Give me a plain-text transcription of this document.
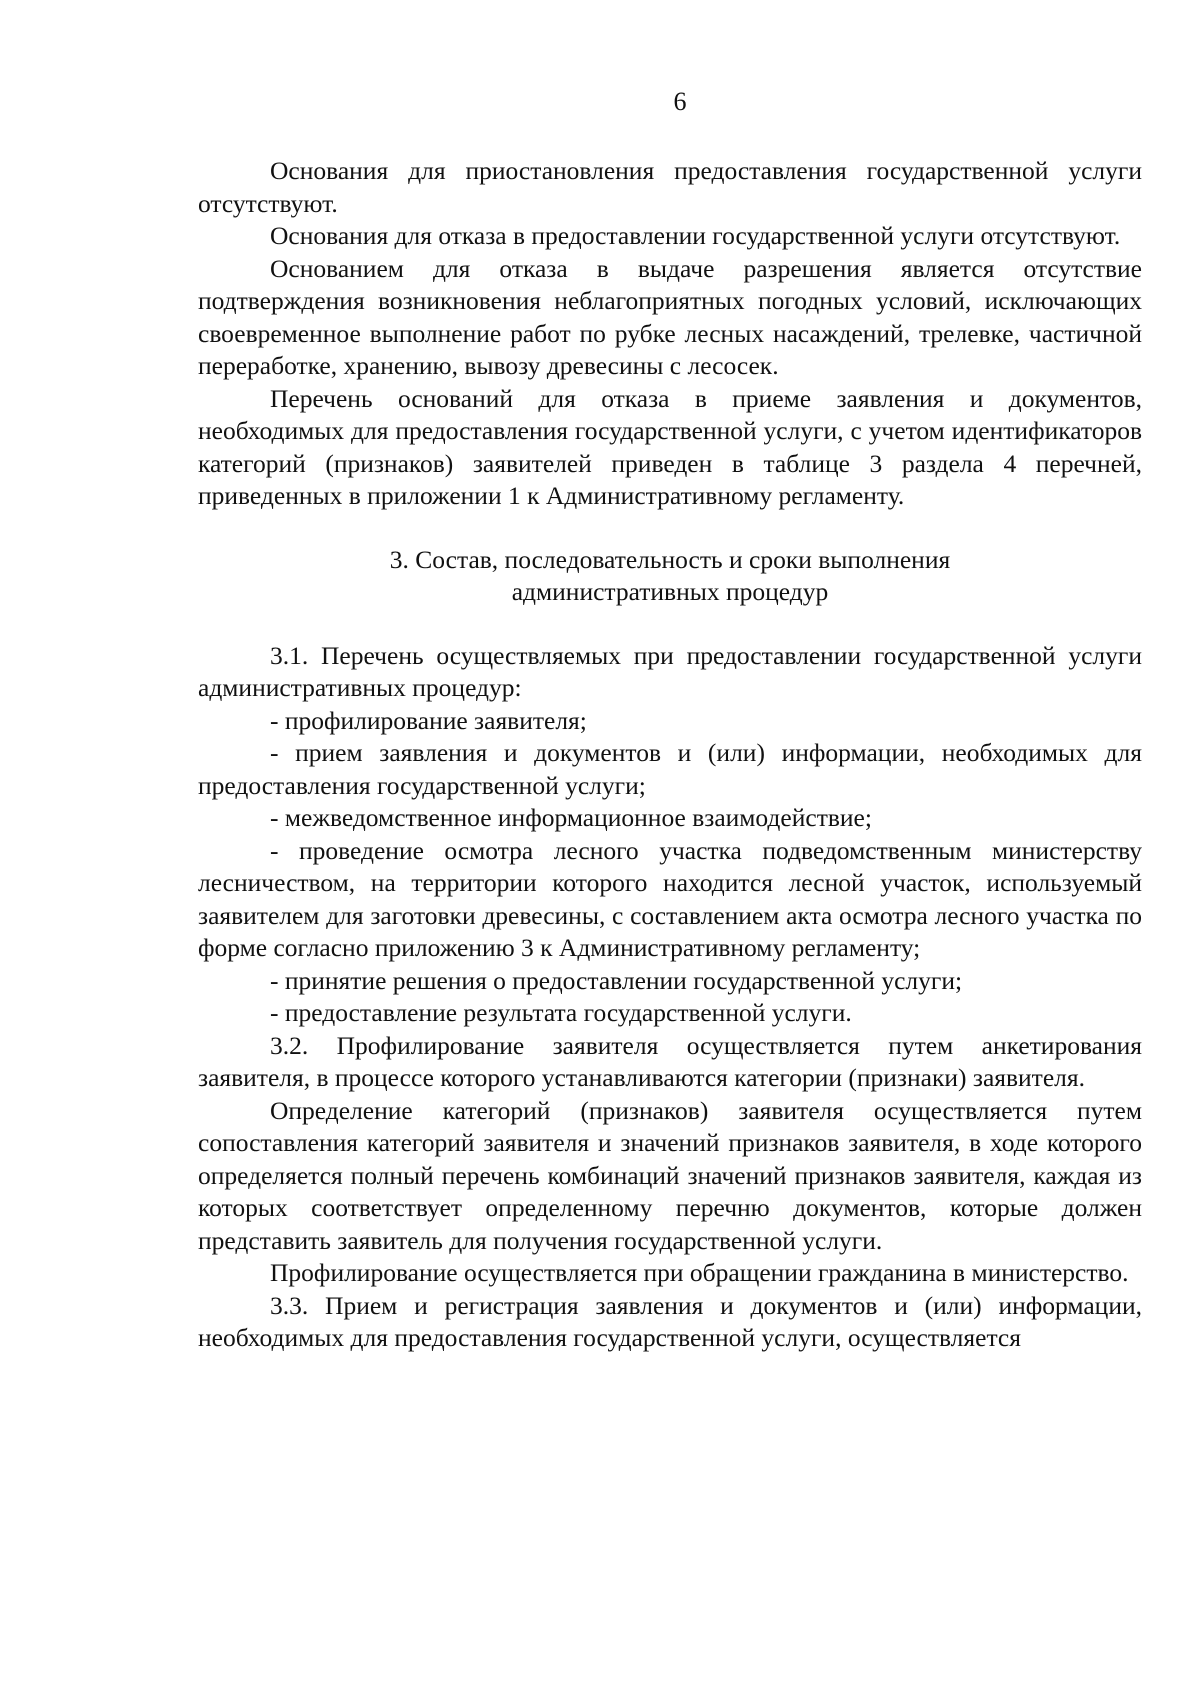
6

Основания для приостановления предоставления государственной услуги отсутствуют.

Основания для отказа в предоставлении государственной услуги отсутствуют.

Основанием для отказа в выдаче разрешения является отсутствие подтверждения возникновения неблагоприятных погодных условий, исключающих своевременное выполнение работ по рубке лесных насаждений, трелевке, частичной переработке, хранению, вывозу древесины с лесосек.

Перечень оснований для отказа в приеме заявления и документов, необходимых для предоставления государственной услуги, с учетом идентификаторов категорий (признаков) заявителей приведен в таблице 3 раздела 4 перечней, приведенных в приложении 1 к Административному регламенту.

3. Состав, последовательность и сроки выполнения
административных процедур

3.1. Перечень осуществляемых при предоставлении государственной услуги административных процедур:

- профилирование заявителя;

- прием заявления и документов и (или) информации, необходимых для предоставления государственной услуги;

- межведомственное информационное взаимодействие;

- проведение осмотра лесного участка подведомственным министерству лесничеством, на территории которого находится лесной участок, используемый заявителем для заготовки древесины, с составлением акта осмотра лесного участка по форме согласно приложению 3 к Административному регламенту;

- принятие решения о предоставлении государственной услуги;

- предоставление результата государственной услуги.

3.2. Профилирование заявителя осуществляется путем анкетирования заявителя, в процессе которого устанавливаются категории (признаки) заявителя.

Определение категорий (признаков) заявителя осуществляется путем сопоставления категорий заявителя и значений признаков заявителя, в ходе которого определяется полный перечень комбинаций значений признаков заявителя, каждая из которых соответствует определенному перечню документов, которые должен представить заявитель для получения государственной услуги.

Профилирование осуществляется при обращении гражданина в министерство.

3.3. Прием и регистрация заявления и документов и (или) информации, необходимых для предоставления государственной услуги, осуществляется
